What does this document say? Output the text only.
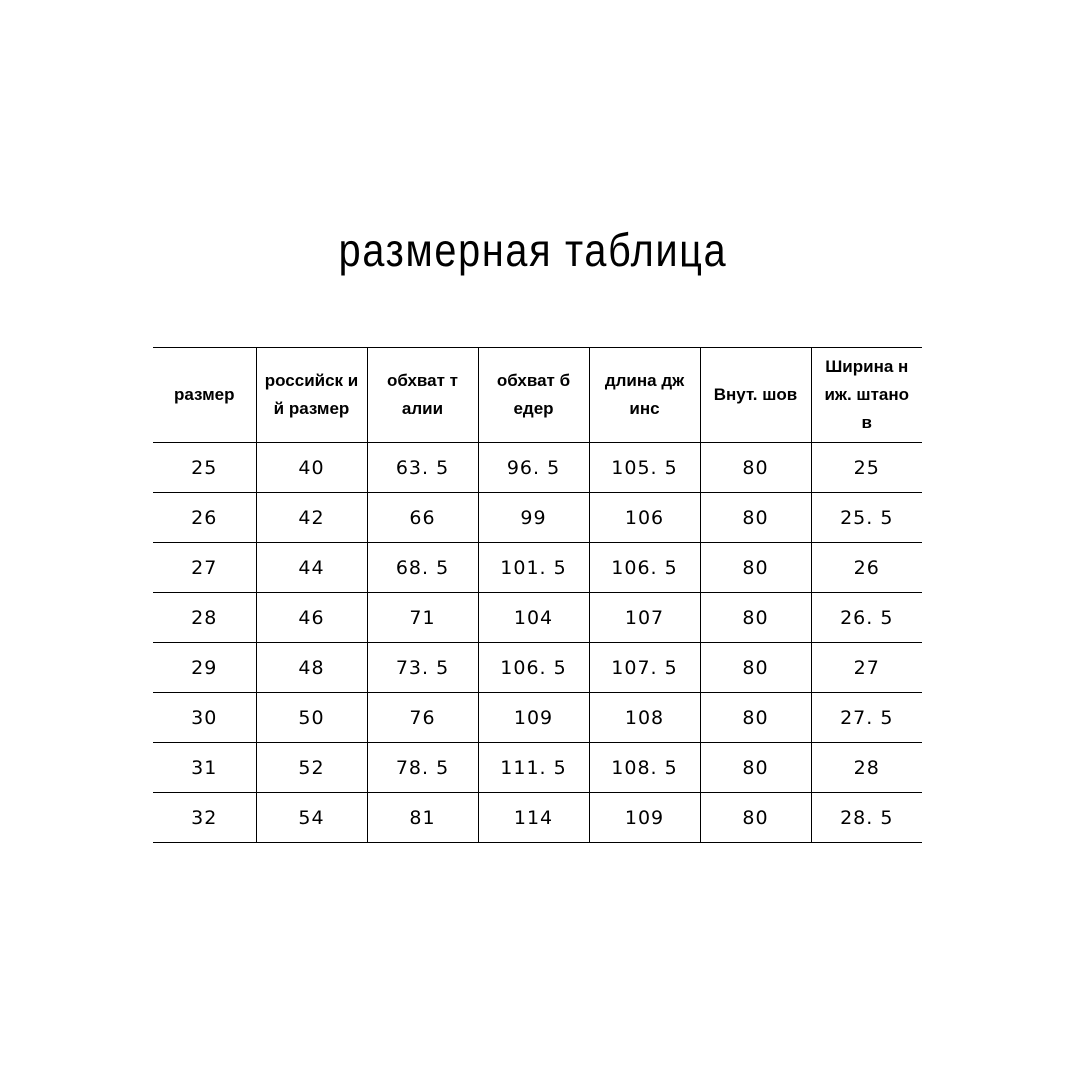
размерная таблица
размер	российск ий размер	обхват талии	обхват бедер	длина джинс	Внут. шов	Ширина ниж. штанов
25	40	63. 5	96. 5	105. 5	80	25
26	42	66	99	106	80	25. 5
27	44	68. 5	101. 5	106. 5	80	26
28	46	71	104	107	80	26. 5
29	48	73. 5	106. 5	107. 5	80	27
30	50	76	109	108	80	27. 5
31	52	78. 5	111. 5	108. 5	80	28
32	54	81	114	109	80	28. 5
